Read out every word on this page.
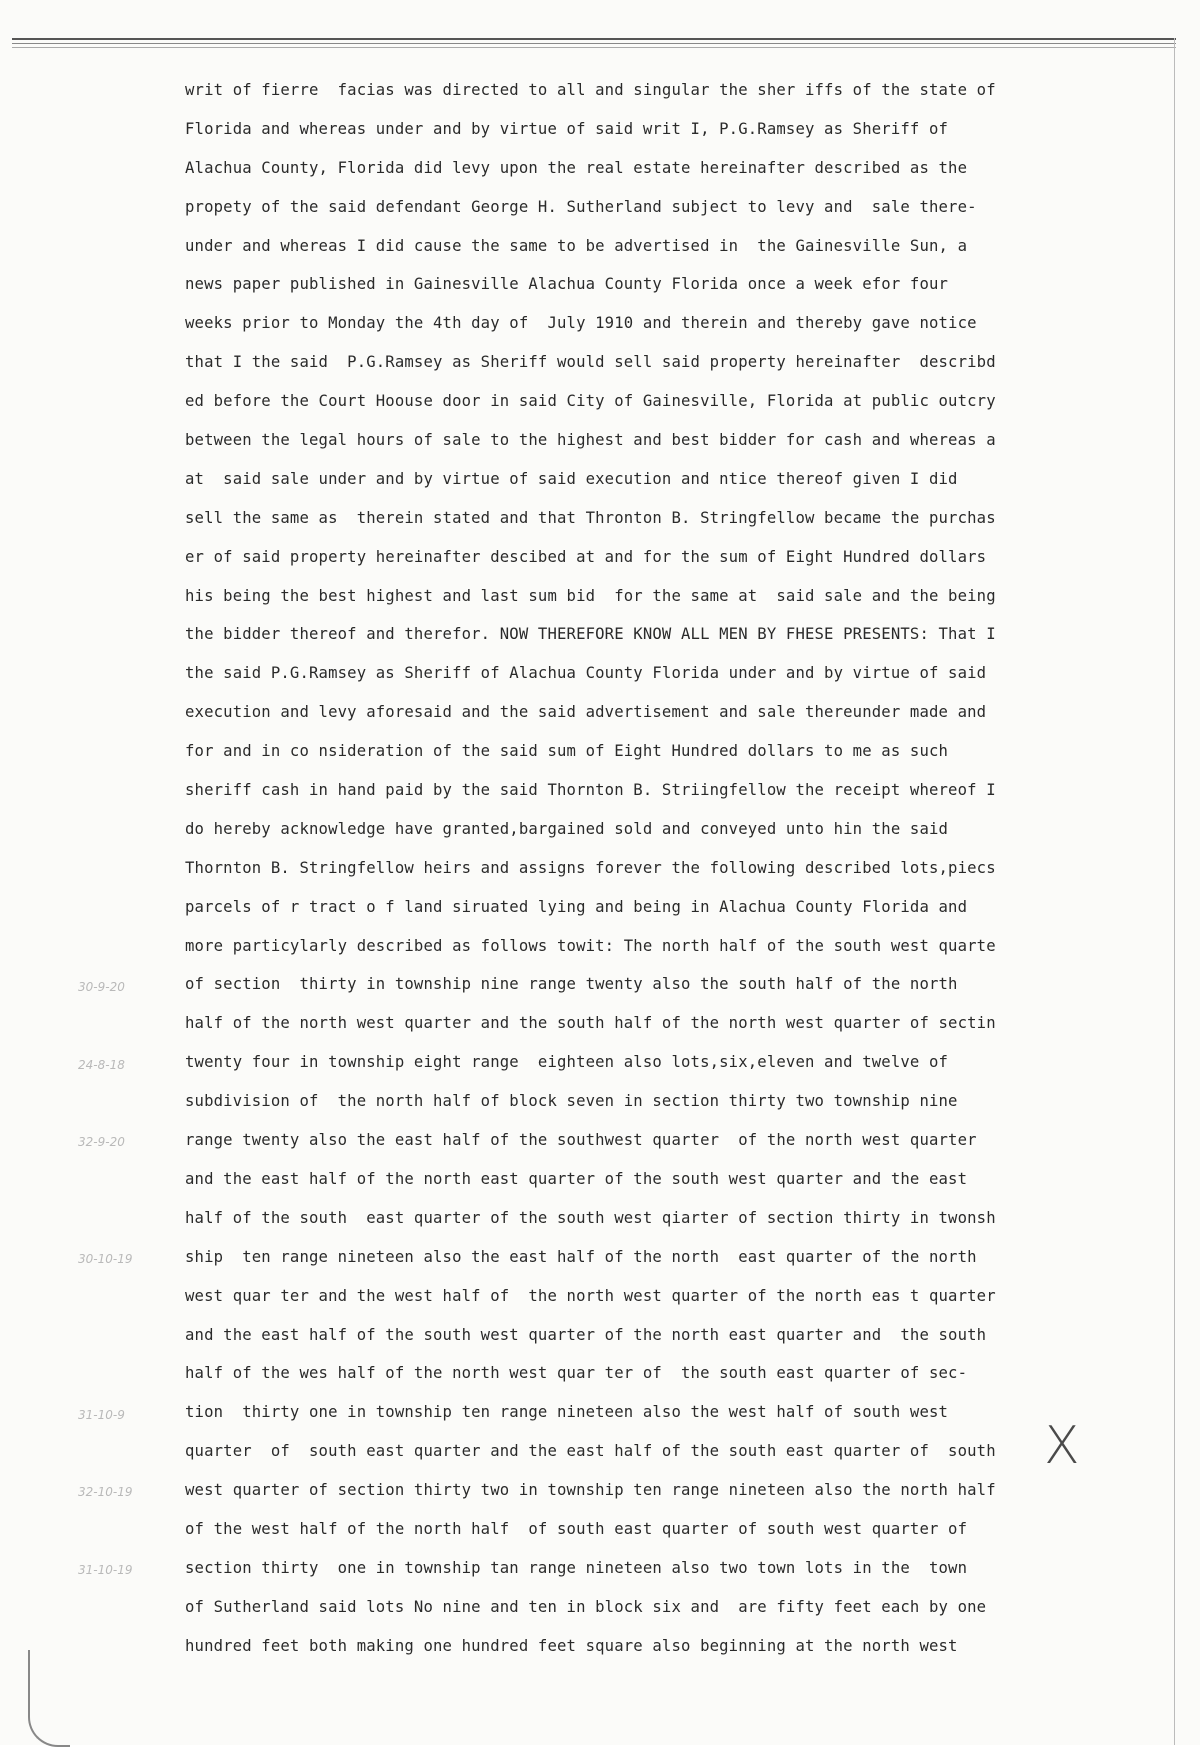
writ of fierre  facias was directed to all and singular the sher iffs of the state of
Florida and whereas under and by virtue of said writ I, P.G.Ramsey as Sheriff of
Alachua County, Florida did levy upon the real estate hereinafter described as the
propety of the said defendant George H. Sutherland subject to levy and  sale there-
under and whereas I did cause the same to be advertised in  the Gainesville Sun, a
news paper published in Gainesville Alachua County Florida once a week efor four
weeks prior to Monday the 4th day of  July 1910 and therein and thereby gave notice
that I the said  P.G.Ramsey as Sheriff would sell said property hereinafter  describd
ed before the Court Hoouse door in said City of Gainesville, Florida at public outcry
between the legal hours of sale to the highest and best bidder for cash and whereas a
at  said sale under and by virtue of said execution and ntice thereof given I did
sell the same as  therein stated and that Thronton B. Stringfellow became the purchas
er of said property hereinafter descibed at and for the sum of Eight Hundred dollars
his being the best highest and last sum bid  for the same at  said sale and the being
the bidder thereof and therefor. NOW THEREFORE KNOW ALL MEN BY FHESE PRESENTS: That I
the said P.G.Ramsey as Sheriff of Alachua County Florida under and by virtue of said
execution and levy aforesaid and the said advertisement and sale thereunder made and
for and in co nsideration of the said sum of Eight Hundred dollars to me as such
sheriff cash in hand paid by the said Thornton B. Striingfellow the receipt whereof I
do hereby acknowledge have granted,bargained sold and conveyed unto hin the said
Thornton B. Stringfellow heirs and assigns forever the following described lots,piecs
parcels of r tract o f land siruated lying and being in Alachua County Florida and
more particylarly described as follows towit: The north half of the south west quarte
of section  thirty in township nine range twenty also the south half of the north
half of the north west quarter and the south half of the north west quarter of sectin
twenty four in township eight range  eighteen also lots,six,eleven and twelve of
subdivision of  the north half of block seven in section thirty two township nine
range twenty also the east half of the southwest quarter  of the north west quarter
and the east half of the north east quarter of the south west quarter and the east
half of the south  east quarter of the south west qiarter of section thirty in twonsh
ship  ten range nineteen also the east half of the north  east quarter of the north
west quar ter and the west half of  the north west quarter of the north eas t quarter
and the east half of the south west quarter of the north east quarter and  the south
half of the wes half of the north west quar ter of  the south east quarter of sec-
tion  thirty one in township ten range nineteen also the west half of south west
quarter  of  south east quarter and the east half of the south east quarter of  south
west quarter of section thirty two in township ten range nineteen also the north half
of the west half of the north half  of south east quarter of south west quarter of
section thirty  one in township tan range nineteen also two town lots in the  town
of Sutherland said lots No nine and ten in block six and  are fifty feet each by one
hundred feet both making one hundred feet square also beginning at the north west
30-9-20
24-8-18
32-9-20
30-10-19
31-10-9
32-10-19
31-10-19
X
